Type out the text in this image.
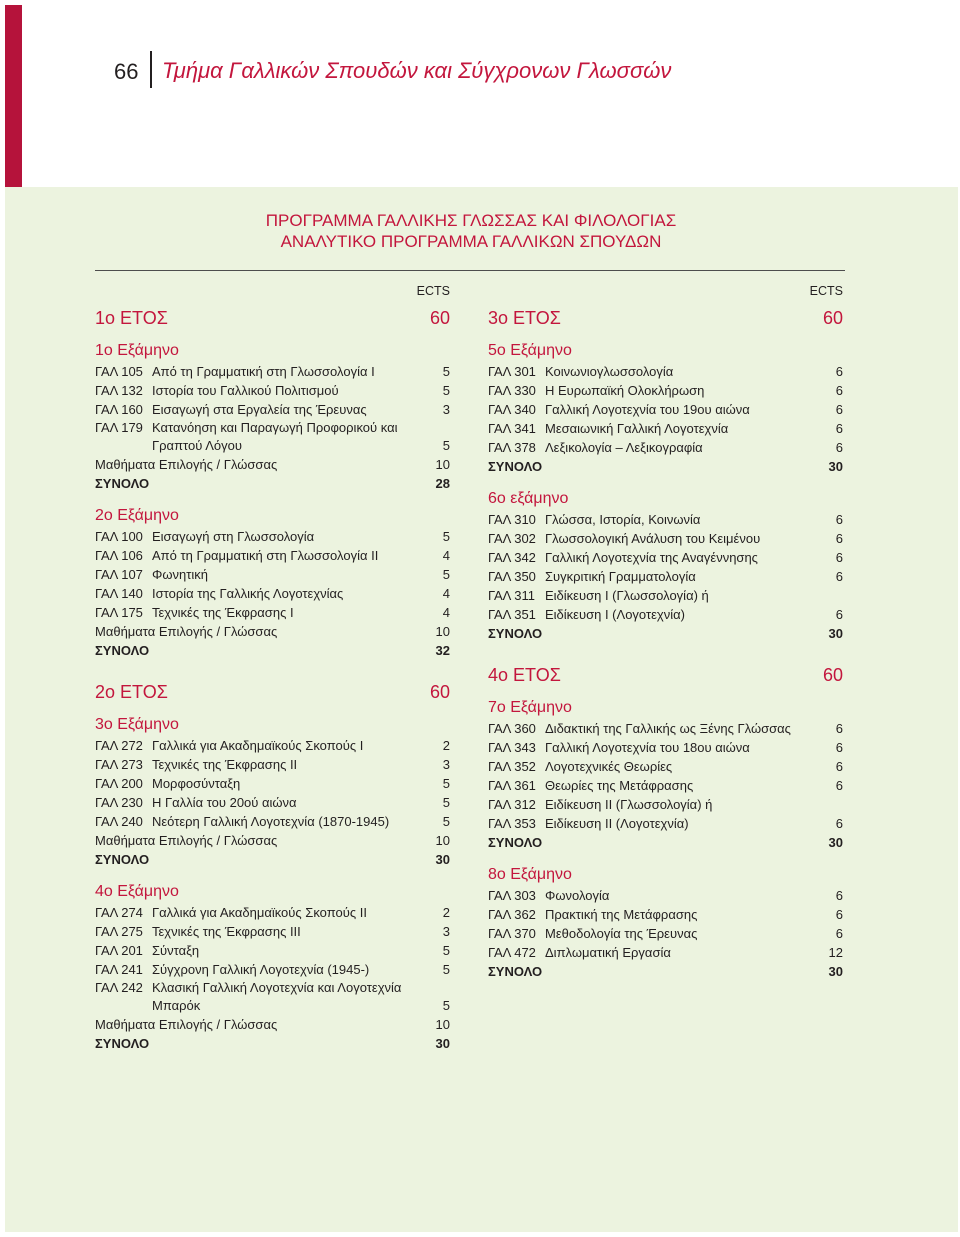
66 Τμήμα Γαλλικών Σπουδών και Σύγχρονων Γλωσσών
ΠΡΟΓΡΑΜΜΑ ΓΑΛΛΙΚΗΣ ΓΛΩΣΣΑΣ ΚΑΙ ΦΙΛΟΛΟΓΙΑΣ
ΑΝΑΛΥΤΙΚΟ ΠΡΟΓΡΑΜΜΑ ΓΑΛΛΙΚΩΝ ΣΠΟΥΔΩΝ
ECTS
1ο ΕΤΟΣ	60
1ο Εξάμηνο
ΓΑΛ 105 Από τη Γραμματική στη Γλωσσολογία I	5
ΓΑΛ 132 Ιστορία του Γαλλικού Πολιτισμού	5
ΓΑΛ 160 Εισαγωγή στα Εργαλεία της Έρευνας	3
ΓΑΛ 179 Κατανόηση και Παραγωγή Προφορικού και
Γραπτού Λόγου	5
Μαθήματα Επιλογής / Γλώσσας	10
ΣΥΝΟΛΟ	28
2ο Εξάμηνο
ΓΑΛ 100 Εισαγωγή στη Γλωσσολογία	5
ΓΑΛ 106 Από τη Γραμματική στη Γλωσσολογία II	4
ΓΑΛ 107 Φωνητική	5
ΓΑΛ 140 Ιστορία της Γαλλικής Λογοτεχνίας	4
ΓΑΛ 175 Τεχνικές της Έκφρασης I	4
Μαθήματα Επιλογής / Γλώσσας	10
ΣΥΝΟΛΟ	32
2ο ΕΤΟΣ	60
3ο Εξάμηνο
ΓΑΛ 272 Γαλλικά για Ακαδημαϊκούς Σκοπούς I	2
ΓΑΛ 273 Τεχνικές της Έκφρασης II	3
ΓΑΛ 200 Μορφοσύνταξη	5
ΓΑΛ 230 Η Γαλλία του 20ού αιώνα	5
ΓΑΛ 240 Νεότερη Γαλλική Λογοτεχνία (1870-1945)	5
Μαθήματα Επιλογής / Γλώσσας	10
ΣΥΝΟΛΟ	30
4ο Εξάμηνο
ΓΑΛ 274 Γαλλικά για Ακαδημαϊκούς Σκοπούς II	2
ΓΑΛ 275 Τεχνικές της Έκφρασης III	3
ΓΑΛ 201 Σύνταξη	5
ΓΑΛ 241 Σύγχρονη Γαλλική Λογοτεχνία (1945-)	5
ΓΑΛ 242 Κλασική Γαλλική Λογοτεχνία και Λογοτεχνία
Μπαρόκ	5
Μαθήματα Επιλογής / Γλώσσας	10
ΣΥΝΟΛΟ	30
ECTS
3ο ΕΤΟΣ	60
5ο Εξάμηνο
ΓΑΛ 301 Κοινωνιογλωσσολογία	6
ΓΑΛ 330 Η Ευρωπαϊκή Ολοκλήρωση	6
ΓΑΛ 340 Γαλλική Λογοτεχνία του 19ου αιώνα	6
ΓΑΛ 341 Μεσαιωνική Γαλλική Λογοτεχνία	6
ΓΑΛ 378 Λεξικολογία – Λεξικογραφία	6
ΣΥΝΟΛΟ	30
6ο εξάμηνο
ΓΑΛ 310 Γλώσσα, Ιστορία, Κοινωνία	6
ΓΑΛ 302 Γλωσσολογική Ανάλυση του Κειμένου	6
ΓΑΛ 342 Γαλλική Λογοτεχνία της Αναγέννησης	6
ΓΑΛ 350 Συγκριτική Γραμματολογία	6
ΓΑΛ 311 Ειδίκευση I (Γλωσσολογία) ή
ΓΑΛ 351 Ειδίκευση I (Λογοτεχνία)	6
ΣΥΝΟΛΟ	30
4ο ΕΤΟΣ	60
7ο Εξάμηνο
ΓΑΛ 360 Διδακτική της Γαλλικής ως Ξένης Γλώσσας	6
ΓΑΛ 343 Γαλλική Λογοτεχνία του 18ου αιώνα	6
ΓΑΛ 352 Λογοτεχνικές Θεωρίες	6
ΓΑΛ 361 Θεωρίες της Μετάφρασης	6
ΓΑΛ 312 Ειδίκευση II (Γλωσσολογία) ή
ΓΑΛ 353 Ειδίκευση II (Λογοτεχνία)	6
ΣΥΝΟΛΟ	30
8ο Εξάμηνο
ΓΑΛ 303 Φωνολογία	6
ΓΑΛ 362 Πρακτική της Μετάφρασης	6
ΓΑΛ 370 Μεθοδολογία της Έρευνας	6
ΓΑΛ 472 Διπλωματική Εργασία	12
ΣΥΝΟΛΟ	30
